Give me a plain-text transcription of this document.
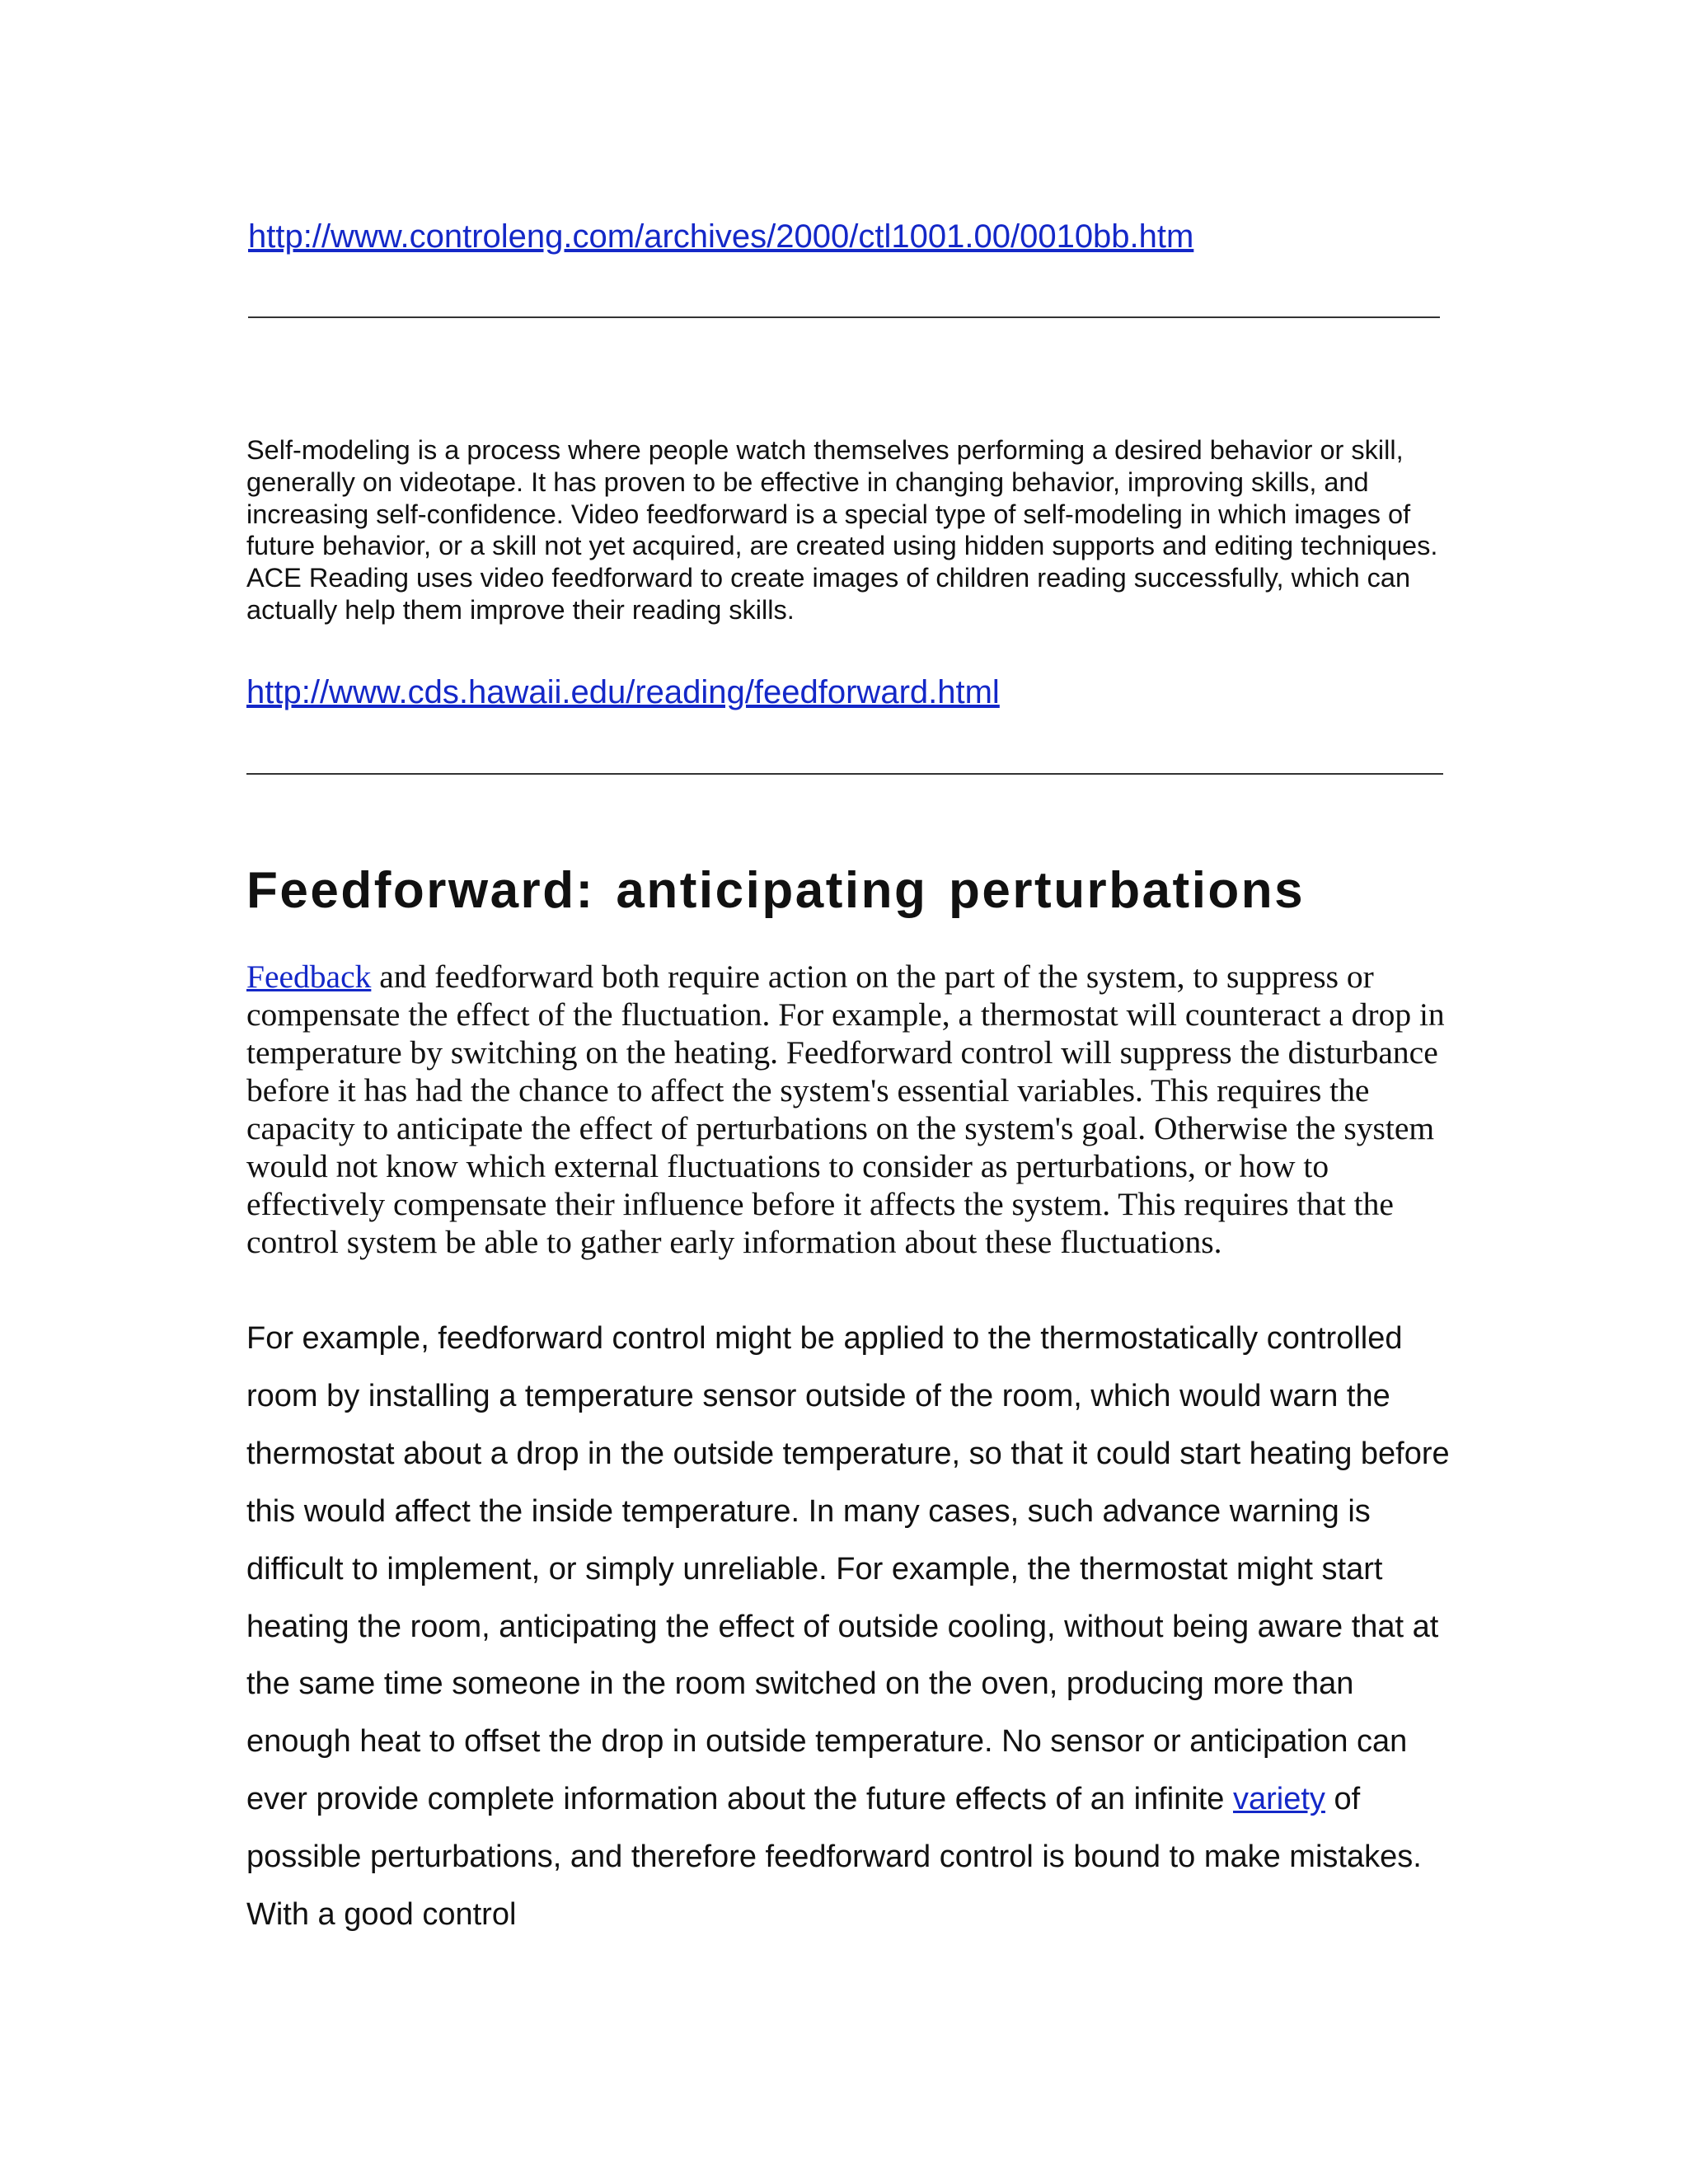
http://www.controleng.com/archives/2000/ctl1001.00/0010bb.htm

Self-modeling is a process where people watch themselves performing a desired behavior or skill, generally on videotape. It has proven to be effective in changing behavior, improving skills, and increasing self-confidence. Video feedforward is a special type of self-modeling in which images of future behavior, or a skill not yet acquired, are created using hidden supports and editing techniques. ACE Reading uses video feedforward to create images of children reading successfully, which can actually help them improve their reading skills.

http://www.cds.hawaii.edu/reading/feedforward.html
Feedforward: anticipating perturbations

Feedback and feedforward both require action on the part of the system, to suppress or compensate the effect of the fluctuation. For example, a thermostat will counteract a drop in temperature by switching on the heating. Feedforward control will suppress the disturbance before it has had the chance to affect the system's essential variables. This requires the capacity to anticipate the effect of perturbations on the system's goal. Otherwise the system would not know which external fluctuations to consider as perturbations, or how to effectively compensate their influence before it affects the system. This requires that the control system be able to gather early information about these fluctuations.

For example, feedforward control might be applied to the thermostatically controlled room by installing a temperature sensor outside of the room, which would warn the thermostat about a drop in the outside temperature, so that it could start heating before this would affect the inside temperature. In many cases, such advance warning is difficult to implement, or simply unreliable. For example, the thermostat might start heating the room, anticipating the effect of outside cooling, without being aware that at the same time someone in the room switched on the oven, producing more than enough heat to offset the drop in outside temperature. No sensor or anticipation can ever provide complete information about the future effects of an infinite variety of possible perturbations, and therefore feedforward control is bound to make mistakes. With a good control
